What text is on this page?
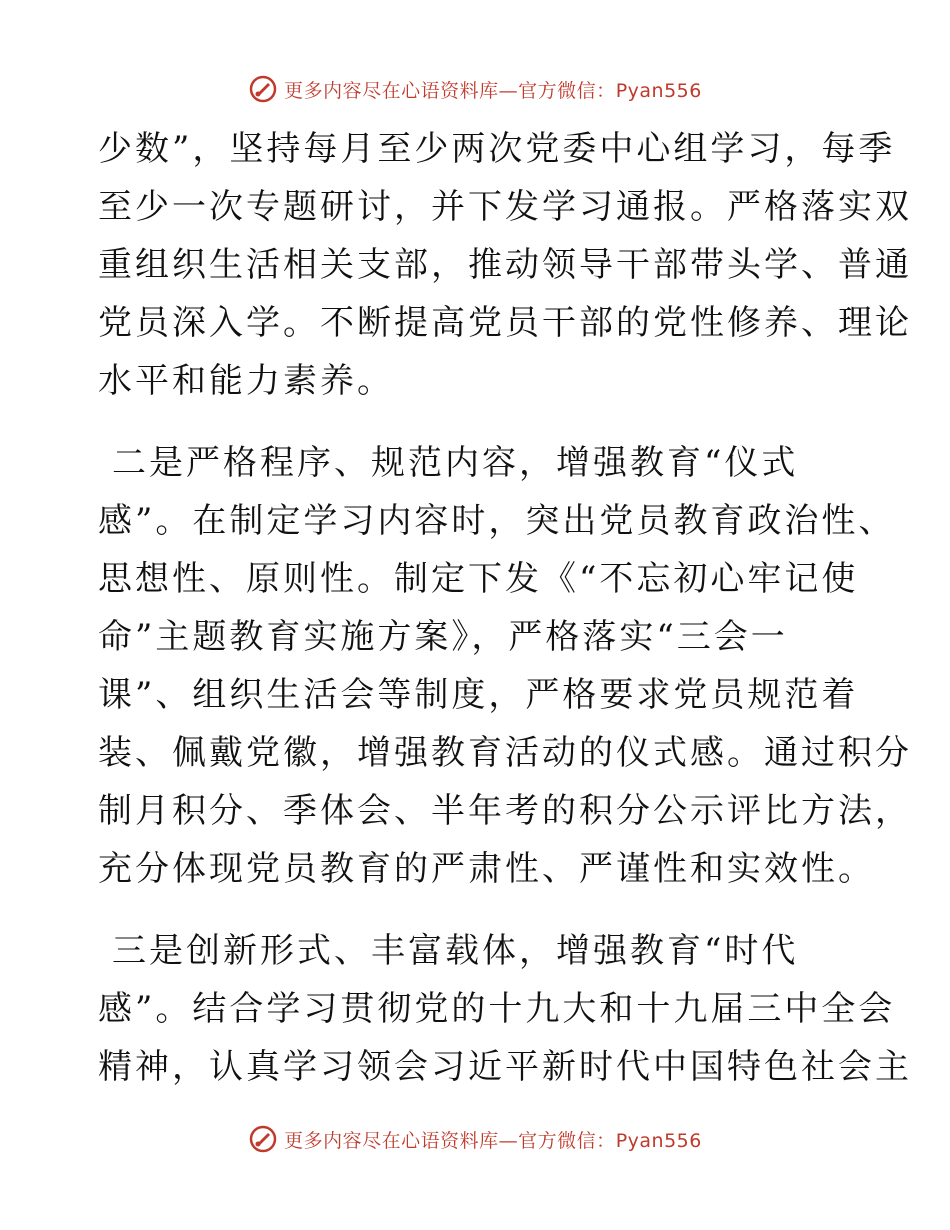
更多内容尽在心语资料库—官方微信：Pyan556
少数”，坚持每月至少两次党委中心组学习，每季
至少一次专题研讨，并下发学习通报。严格落实双
重组织生活相关支部，推动领导干部带头学、普通
党员深入学。不断提高党员干部的党性修养、理论
水平和能力素养。
二是严格程序、规范内容，增强教育“仪式
感”。在制定学习内容时，突出党员教育政治性、
思想性、原则性。制定下发《“不忘初心牢记使
命”主题教育实施方案》，严格落实“三会一
课”、组织生活会等制度，严格要求党员规范着
装、佩戴党徽，增强教育活动的仪式感。通过积分
制月积分、季体会、半年考的积分公示评比方法，
充分体现党员教育的严肃性、严谨性和实效性。
三是创新形式、丰富载体，增强教育“时代
感”。结合学习贯彻党的十九大和十九届三中全会
精神，认真学习领会习近平新时代中国特色社会主
更多内容尽在心语资料库—官方微信：Pyan556
